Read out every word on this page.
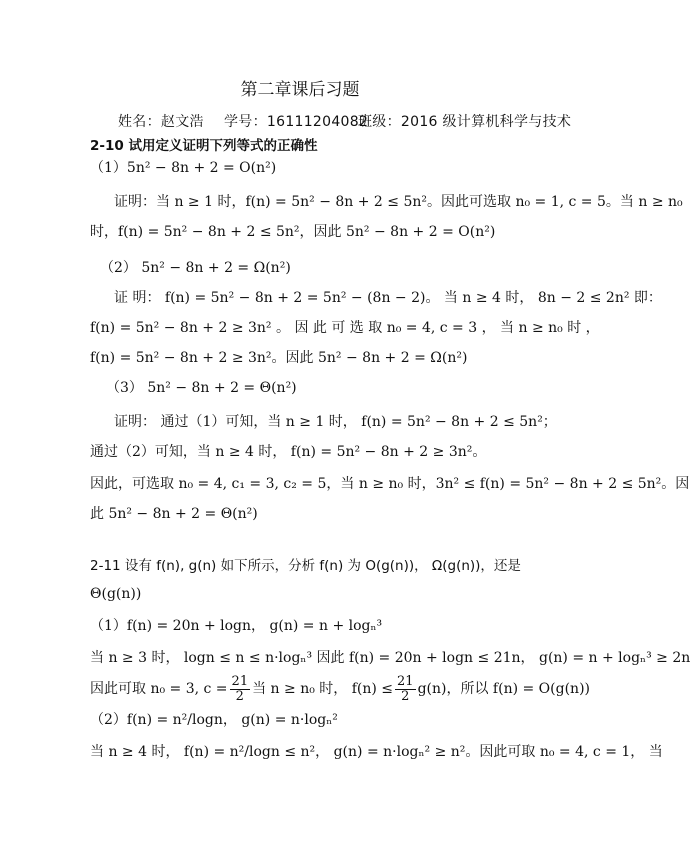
第二章课后习题
姓名：赵文浩 学号：16111204082
班级：2016 级计算机科学与技术
2-10 试用定义证明下列等式的正确性
（1）5n² − 8n + 2 = O(n²)
证明：当 n ≥ 1 时，f(n) = 5n² − 8n + 2 ≤ 5n²。因此可选取 n₀ = 1, c = 5。当 n ≥ n₀
时，f(n) = 5n² − 8n + 2 ≤ 5n²，因此 5n² − 8n + 2 = O(n²)
（2） 5n² − 8n + 2 = Ω(n²)
证 明： f(n) = 5n² − 8n + 2 = 5n² − (8n − 2)。 当 n ≥ 4 时， 8n − 2 ≤ 2n² 即：
f(n) = 5n² − 8n + 2 ≥ 3n² 。 因 此 可 选 取 n₀ = 4, c = 3 ， 当 n ≥ n₀ 时 ，
f(n) = 5n² − 8n + 2 ≥ 3n²。因此 5n² − 8n + 2 = Ω(n²)
（3） 5n² − 8n + 2 = Θ(n²)
证明： 通过（1）可知，当 n ≥ 1 时， f(n) = 5n² − 8n + 2 ≤ 5n²；
通过（2）可知，当 n ≥ 4 时， f(n) = 5n² − 8n + 2 ≥ 3n²。
因此，可选取 n₀ = 4, c₁ = 3, c₂ = 5，当 n ≥ n₀ 时，3n² ≤ f(n) = 5n² − 8n + 2 ≤ 5n²。因
此 5n² − 8n + 2 = Θ(n²)
2-11 设有 f(n), g(n) 如下所示，分析 f(n) 为 O(g(n))， Ω(g(n))，还是
Θ(g(n))
（1）f(n) = 20n + logn， g(n) = n + logₙ³
当 n ≥ 3 时， logn ≤ n ≤ n·logₙ³ 因此 f(n) = 20n + logn ≤ 21n， g(n) = n + logₙ³ ≥ 2n
因此可取 n₀ = 3, $c = \frac{21}{2}$ 当 n ≥ n₀ 时， $f(n) \le \frac{21}{2} g(n)$，所以 f(n) = O(g(n))
（2）f(n) = n²/logn， g(n) = n·logₙ²
当 n ≥ 4 时， f(n) = n²/logn ≤ n²， g(n) = n·logₙ² ≥ n²。因此可取 n₀ = 4, c = 1， 当
